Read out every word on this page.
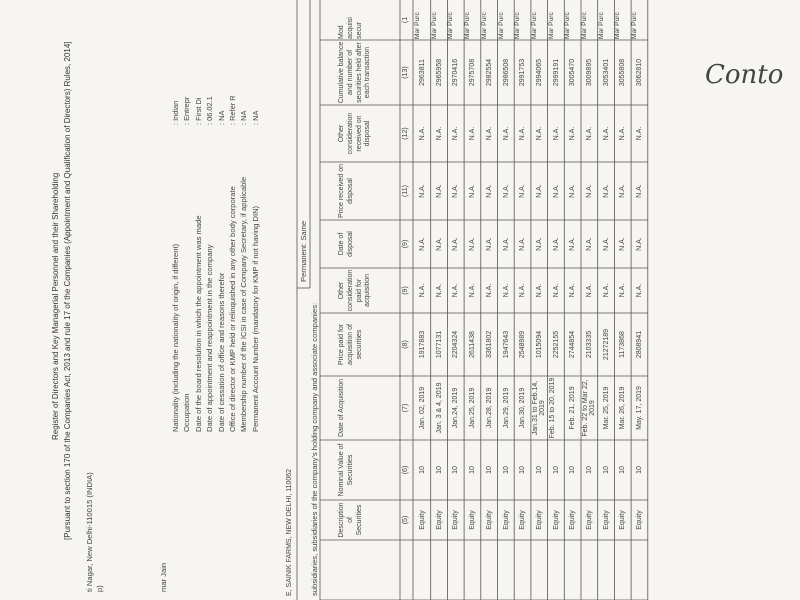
Register of Directors and Key Managerial Personnel and their Shareholding [Pursuant to section 170 of the Companies Act, 2013 and rule 17 of the Companies (Appointment and Qualification of Directors) Rules, 2014] ti Nagar, New Delhi-110015 (INDIA) p)	mar Jain
Nationality (including the nationality of origin, if different)
: Indian
Occupation
: Entrepr
Date of the board resolution in which the appointment was made
: First Di
Date of appointment and reappointment in the company
: 06.02.1
Date of cessation of office and reasons therefor
: NA
Office of director or KMP held or relinquished in any other body corporate
: Refer R
Membership number of the ICSI in case of Company Secretary, if applicable
: NA
Permanent Account Number (mandatory for KMP if not having DIN)
: NA
Conto
E, SAINIK FARMS, NEW DELHI, 110062 subsidiaries, subsidiaries of the company's holding company and associate companies:
Permanent: Same
Description of Securities
Nominal Value of Securities
Date of Acquisition
Price paid for acquisition of securities
Other consideration paid for acquisition
Date of disposal
Price received on disposal
Other consideration received on disposal
Cumulative balance and number of securities held after each transaction
Mod acquisi secur
(5)
(6)
(7)
(8)
(9)
(9)
(11)
(12)
(13)
(1
Equity
10
Jan. 02, 2019
1917883
N.A.
N.A.
N.A.
N.A.
2963811
Mar Purc
Equity
10
Jan. 3 & 4, 2019
1077131
N.A.
N.A.
N.A.
N.A.
2965958
Mar Purc
Equity
10
Jan.24, 2019
2204324
N.A.
N.A.
N.A.
N.A.
2970416
Mar Purc
Equity
10
Jan.25, 2019
2611438
N.A.
N.A.
N.A.
N.A.
2975708
Mar Purc
Equity
10
Jan.28, 2019
3361802
N.A.
N.A.
N.A.
N.A.
2982554
Mar Purc
Equity
10
Jan.29, 2019
1947643
N.A.
N.A.
N.A.
N.A.
2986508
Mar Purc
Equity
10
Jan.30, 2019
2548989
N.A.
N.A.
N.A.
N.A.
2991753
Mar Purc
Equity
10
Jan.31 to Feb.14, 2019
1015094
N.A.
N.A.
N.A.
N.A.
2994065
Mar Purc
Equity
10
Feb. 15 to 20, 2019
2252155
N.A.
N.A.
N.A.
N.A.
2999191
Mar Purc
Equity
10
Feb. 21, 2019
2744854
N.A.
N.A.
N.A.
N.A.
3005470
Mar Purc
Equity
10
Feb. 22 to Mar 22, 2019
2103335
N.A.
N.A.
N.A.
N.A.
3009895
Mar Purc
Equity
10
Mar. 25, 2019
21272189
N.A.
N.A.
N.A.
N.A.
3053401
Mar Purc
Equity
10
Mar. 26, 2019
1173868
N.A.
N.A.
N.A.
N.A.
3055808
Mar Purc
Equity
10
May. 17, 2019
2808941
N.A.
N.A.
N.A.
N.A.
3062810
Mar Purc
